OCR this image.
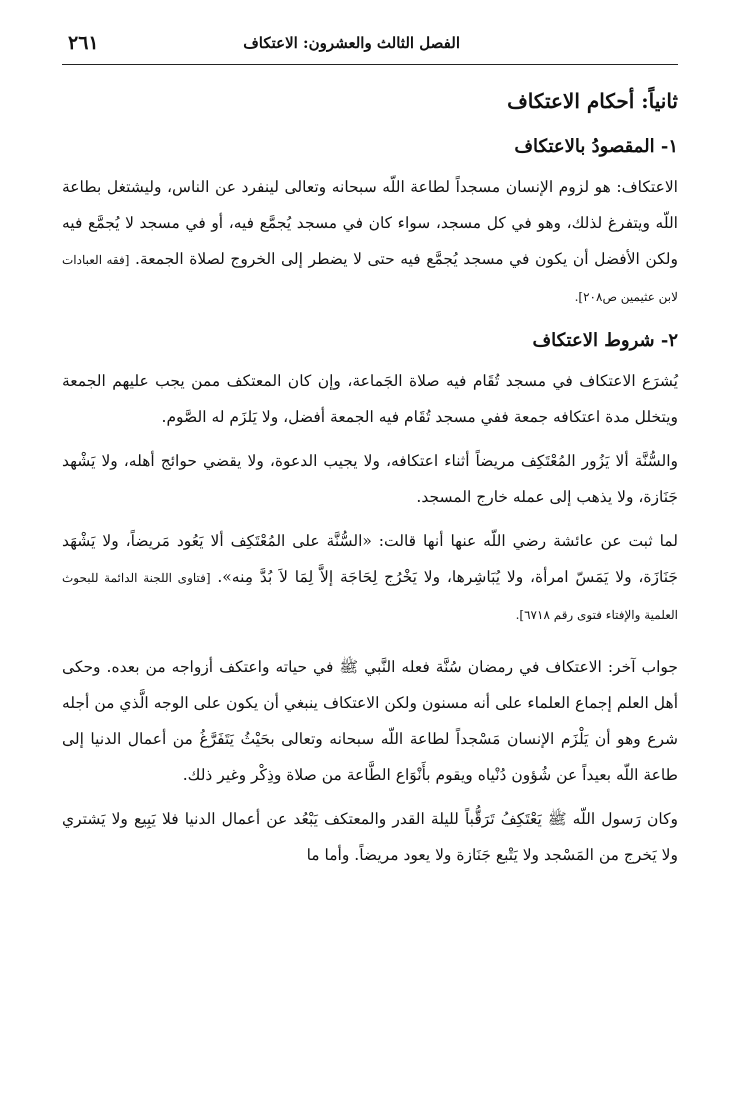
الفصل الثالث والعشرون: الاعتكاف
٢٦١
ثانياً: أحكام الاعتكاف
١- المقصودُ بالاعتكاف

الاعتكاف: هو لزوم الإنسان مسجداً لطاعة اللّه سبحانه وتعالى لينفرد عن الناس، وليشتغل بطاعة اللّه ويتفرغ لذلك، وهو في كل مسجد، سواء كان في مسجد يُجمَّع فيه، أو في مسجد لا يُجمَّع فيه ولكن الأفضل أن يكون في مسجد يُجمَّع فيه حتى لا يضطر إلى الخروج لصلاة الجمعة. [فقه العبادات لابن عثيمين ص٢٠٨].

٢- شروط الاعتكاف

يُشرَع الاعتكاف في مسجد تُقَام فيه صلاة الجَماعة، وإن كان المعتكف ممن يجب عليهم الجمعة ويتخلل مدة اعتكافه جمعة ففي مسجد تُقَام فيه الجمعة أفضل، ولا يَلزَم له الصَّوم.

والسُّنَّة ألا يَزُور المُعْتَكِف مريضاً أثناء اعتكافه، ولا يجيب الدعوة، ولا يقضي حوائج أهله، ولا يَشْهد جَنَازة، ولا يذهب إلى عمله خارج المسجد.

لما ثبت عن عائشة رضي اللّه عنها أنها قالت: «السُّنَّة على المُعْتَكِف ألا يَعُود مَريضاً، ولا يَشْهَد جَنَازَة، ولا يَمَسّ امرأة، ولا يُبَاشِرها، ولا يَخْرُج لِحَاجَة إلاَّ لِمَا لاَ بُدَّ مِنه». [فتاوى اللجنة الدائمة للبحوث العلمية والإفتاء فتوى رقم ٦٧١٨].

جواب آخر: الاعتكاف في رمضان سُنَّة فعله النَّبي ﷺ في حياته واعتكف أزواجه من بعده. وحكى أهل العلم إجماع العلماء على أنه مسنون ولكن الاعتكاف ينبغي أن يكون على الوجه الَّذي من أجله شرع وهو أن يَلْزَم الإنسان مَسْجداً لطاعة اللّه سبحانه وتعالى بحَيْثُ يَتَفَرَّغُ من أعمال الدنيا إلى طاعة اللّه بعيداً عن شُؤون دُنْياه ويقوم بأَنْوَاع الطَّاعة من صلاة وذِكْر وغير ذلك.

وكان رَسول اللّه ﷺ يَعْتَكِفُ تَرَقُّباً لليلة القدر والمعتكف يَبْعُد عن أعمال الدنيا فلا يَبِيع ولا يَشتري ولا يَخرج من المَسْجد ولا يَتْبع جَنَازة ولا يعود مريضاً. وأما ما
